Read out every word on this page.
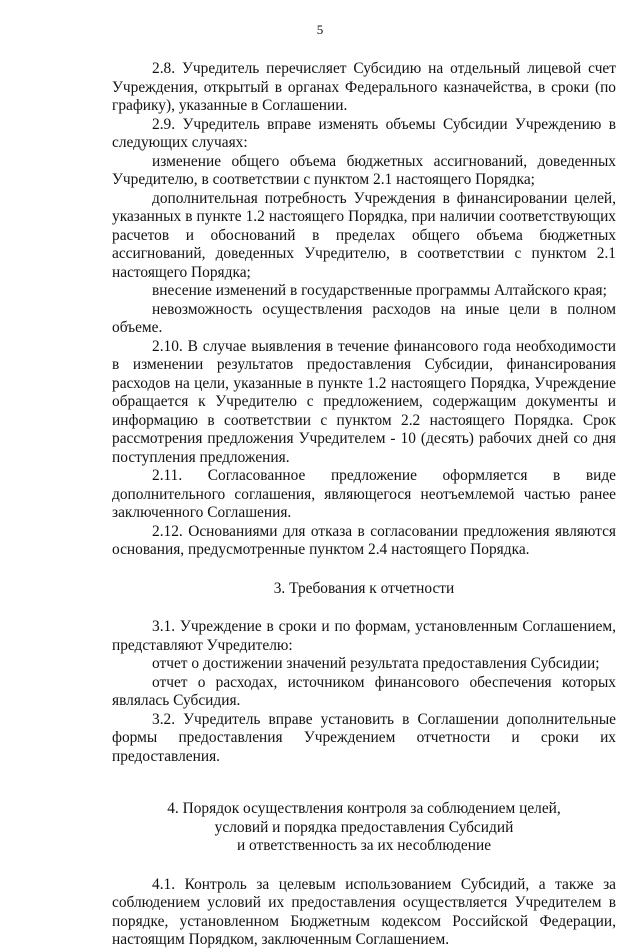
5

2.8. Учредитель перечисляет Субсидию на отдельный лицевой счет Учреждения, открытый в органах Федерального казначейства, в сроки (по графику), указанные в Соглашении.

2.9. Учредитель вправе изменять объемы Субсидии Учреждению в следующих случаях:

изменение общего объема бюджетных ассигнований, доведенных Учредителю, в соответствии с пунктом 2.1 настоящего Порядка;

дополнительная потребность Учреждения в финансировании целей, указанных в пункте 1.2 настоящего Порядка, при наличии соответствующих расчетов и обоснований в пределах общего объема бюджетных ассигнований, доведенных Учредителю, в соответствии с пунктом 2.1 настоящего Порядка;

внесение изменений в государственные программы Алтайского края;

невозможность осуществления расходов на иные цели в полном объеме.

2.10. В случае выявления в течение финансового года необходимости в изменении результатов предоставления Субсидии, финансирования расходов на цели, указанные в пункте 1.2 настоящего Порядка, Учреждение обращается к Учредителю с предложением, содержащим документы и информацию в соответствии с пунктом 2.2 настоящего Порядка. Срок рассмотрения предложения Учредителем - 10 (десять) рабочих дней со дня поступления предложения.

2.11. Согласованное предложение оформляется в виде дополнительного соглашения, являющегося неотъемлемой частью ранее заключенного Соглашения.

2.12. Основаниями для отказа в согласовании предложения являются основания, предусмотренные пунктом 2.4 настоящего Порядка.

3. Требования к отчетности

3.1. Учреждение в сроки и по формам, установленным Соглашением, представляют Учредителю:

отчет о достижении значений результата предоставления Субсидии;

отчет о расходах, источником финансового обеспечения которых являлась Субсидия.

3.2. Учредитель вправе установить в Соглашении дополнительные формы предоставления Учреждением отчетности и сроки их предоставления.

4. Порядок осуществления контроля за соблюдением целей,

условий и порядка предоставления Субсидий

и ответственность за их несоблюдение

4.1. Контроль за целевым использованием Субсидий, а также за соблюдением условий их предоставления осуществляется Учредителем в порядке, установленном Бюджетным кодексом Российской Федерации, настоящим Порядком, заключенным Соглашением.
